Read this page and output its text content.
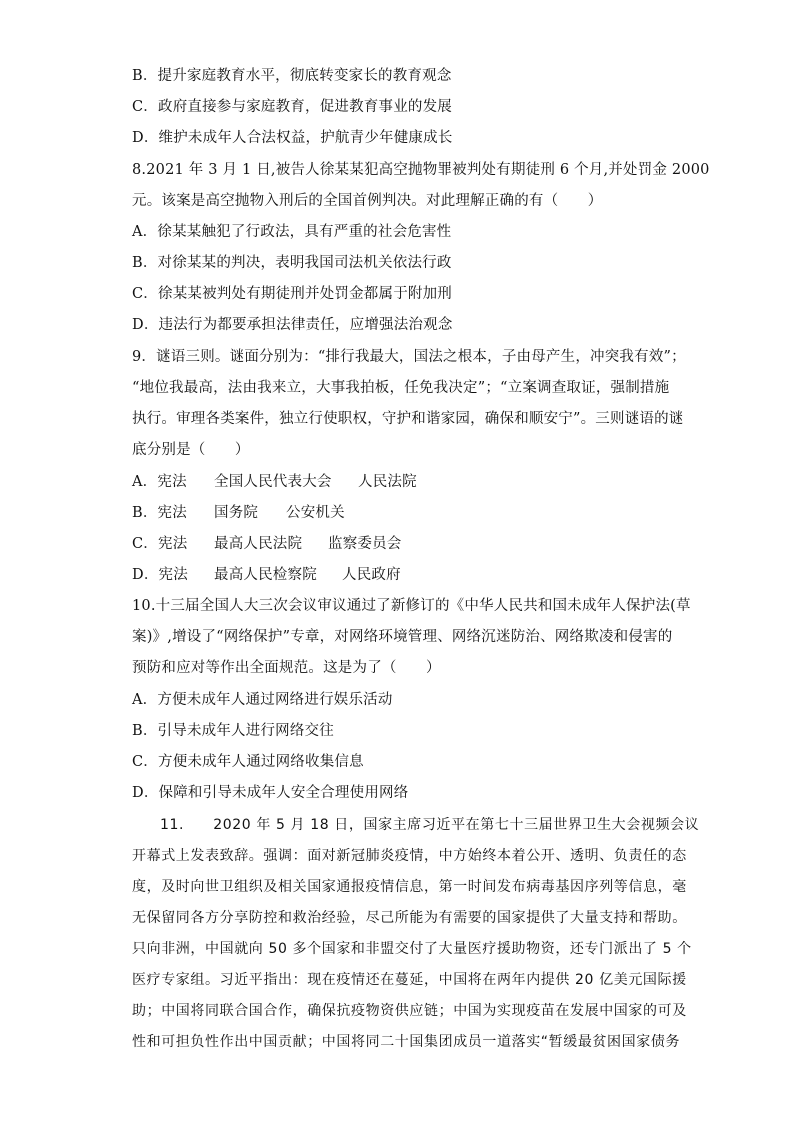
B．提升家庭教育水平，彻底转变家长的教育观念
C．政府直接参与家庭教育，促进教育事业的发展
D．维护未成年人合法权益，护航青少年健康成长
8.2021 年 3 月 1 日,被告人徐某某犯高空抛物罪被判处有期徒刑 6 个月,并处罚金 2000
元。该案是高空抛物入刑后的全国首例判决。对此理解正确的有（　　）
A．徐某某触犯了行政法，具有严重的社会危害性
B．对徐某某的判决，表明我国司法机关依法行政
C．徐某某被判处有期徒刑并处罚金都属于附加刑
D．违法行为都要承担法律责任，应增强法治观念
9．谜语三则。谜面分别为：“排行我最大，国法之根本，子由母产生，冲突我有效”；
“地位我最高，法由我来立，大事我拍板，任免我决定”；“立案调查取证，强制措施
执行。审理各类案件，独立行使职权，守护和谐家园，确保和顺安宁”。三则谜语的谜
底分别是（　　）
A．宪法 全国人民代表大会 人民法院
B．宪法 国务院 公安机关
C．宪法 最高人民法院 监察委员会
D．宪法 最高人民检察院 人民政府
10.十三届全国人大三次会议审议通过了新修订的《中华人民共和国未成年人保护法(草
案)》,增设了“网络保护”专章，对网络环境管理、网络沉迷防治、网络欺凌和侵害的
预防和应对等作出全面规范。这是为了（　　）
A．方便未成年人通过网络进行娱乐活动
B．引导未成年人进行网络交往
C．方便未成年人通过网络收集信息
D．保障和引导未成年人安全合理使用网络
11.　　2020 年 5 月 18 日，国家主席习近平在第七十三届世界卫生大会视频会议
开幕式上发表致辞。强调：面对新冠肺炎疫情，中方始终本着公开、透明、负责任的态
度，及时向世卫组织及相关国家通报疫情信息，第一时间发布病毒基因序列等信息，毫
无保留同各方分享防控和救治经验，尽己所能为有需要的国家提供了大量支持和帮助。
只向非洲，中国就向 50 多个国家和非盟交付了大量医疗援助物资，还专门派出了 5 个
医疗专家组。习近平指出：现在疫情还在蔓延，中国将在两年内提供 20 亿美元国际援
助；中国将同联合国合作，确保抗疫物资供应链；中国为实现疫苗在发展中国家的可及
性和可担负性作出中国贡献；中国将同二十国集团成员一道落实“暂缓最贫困国家债务
